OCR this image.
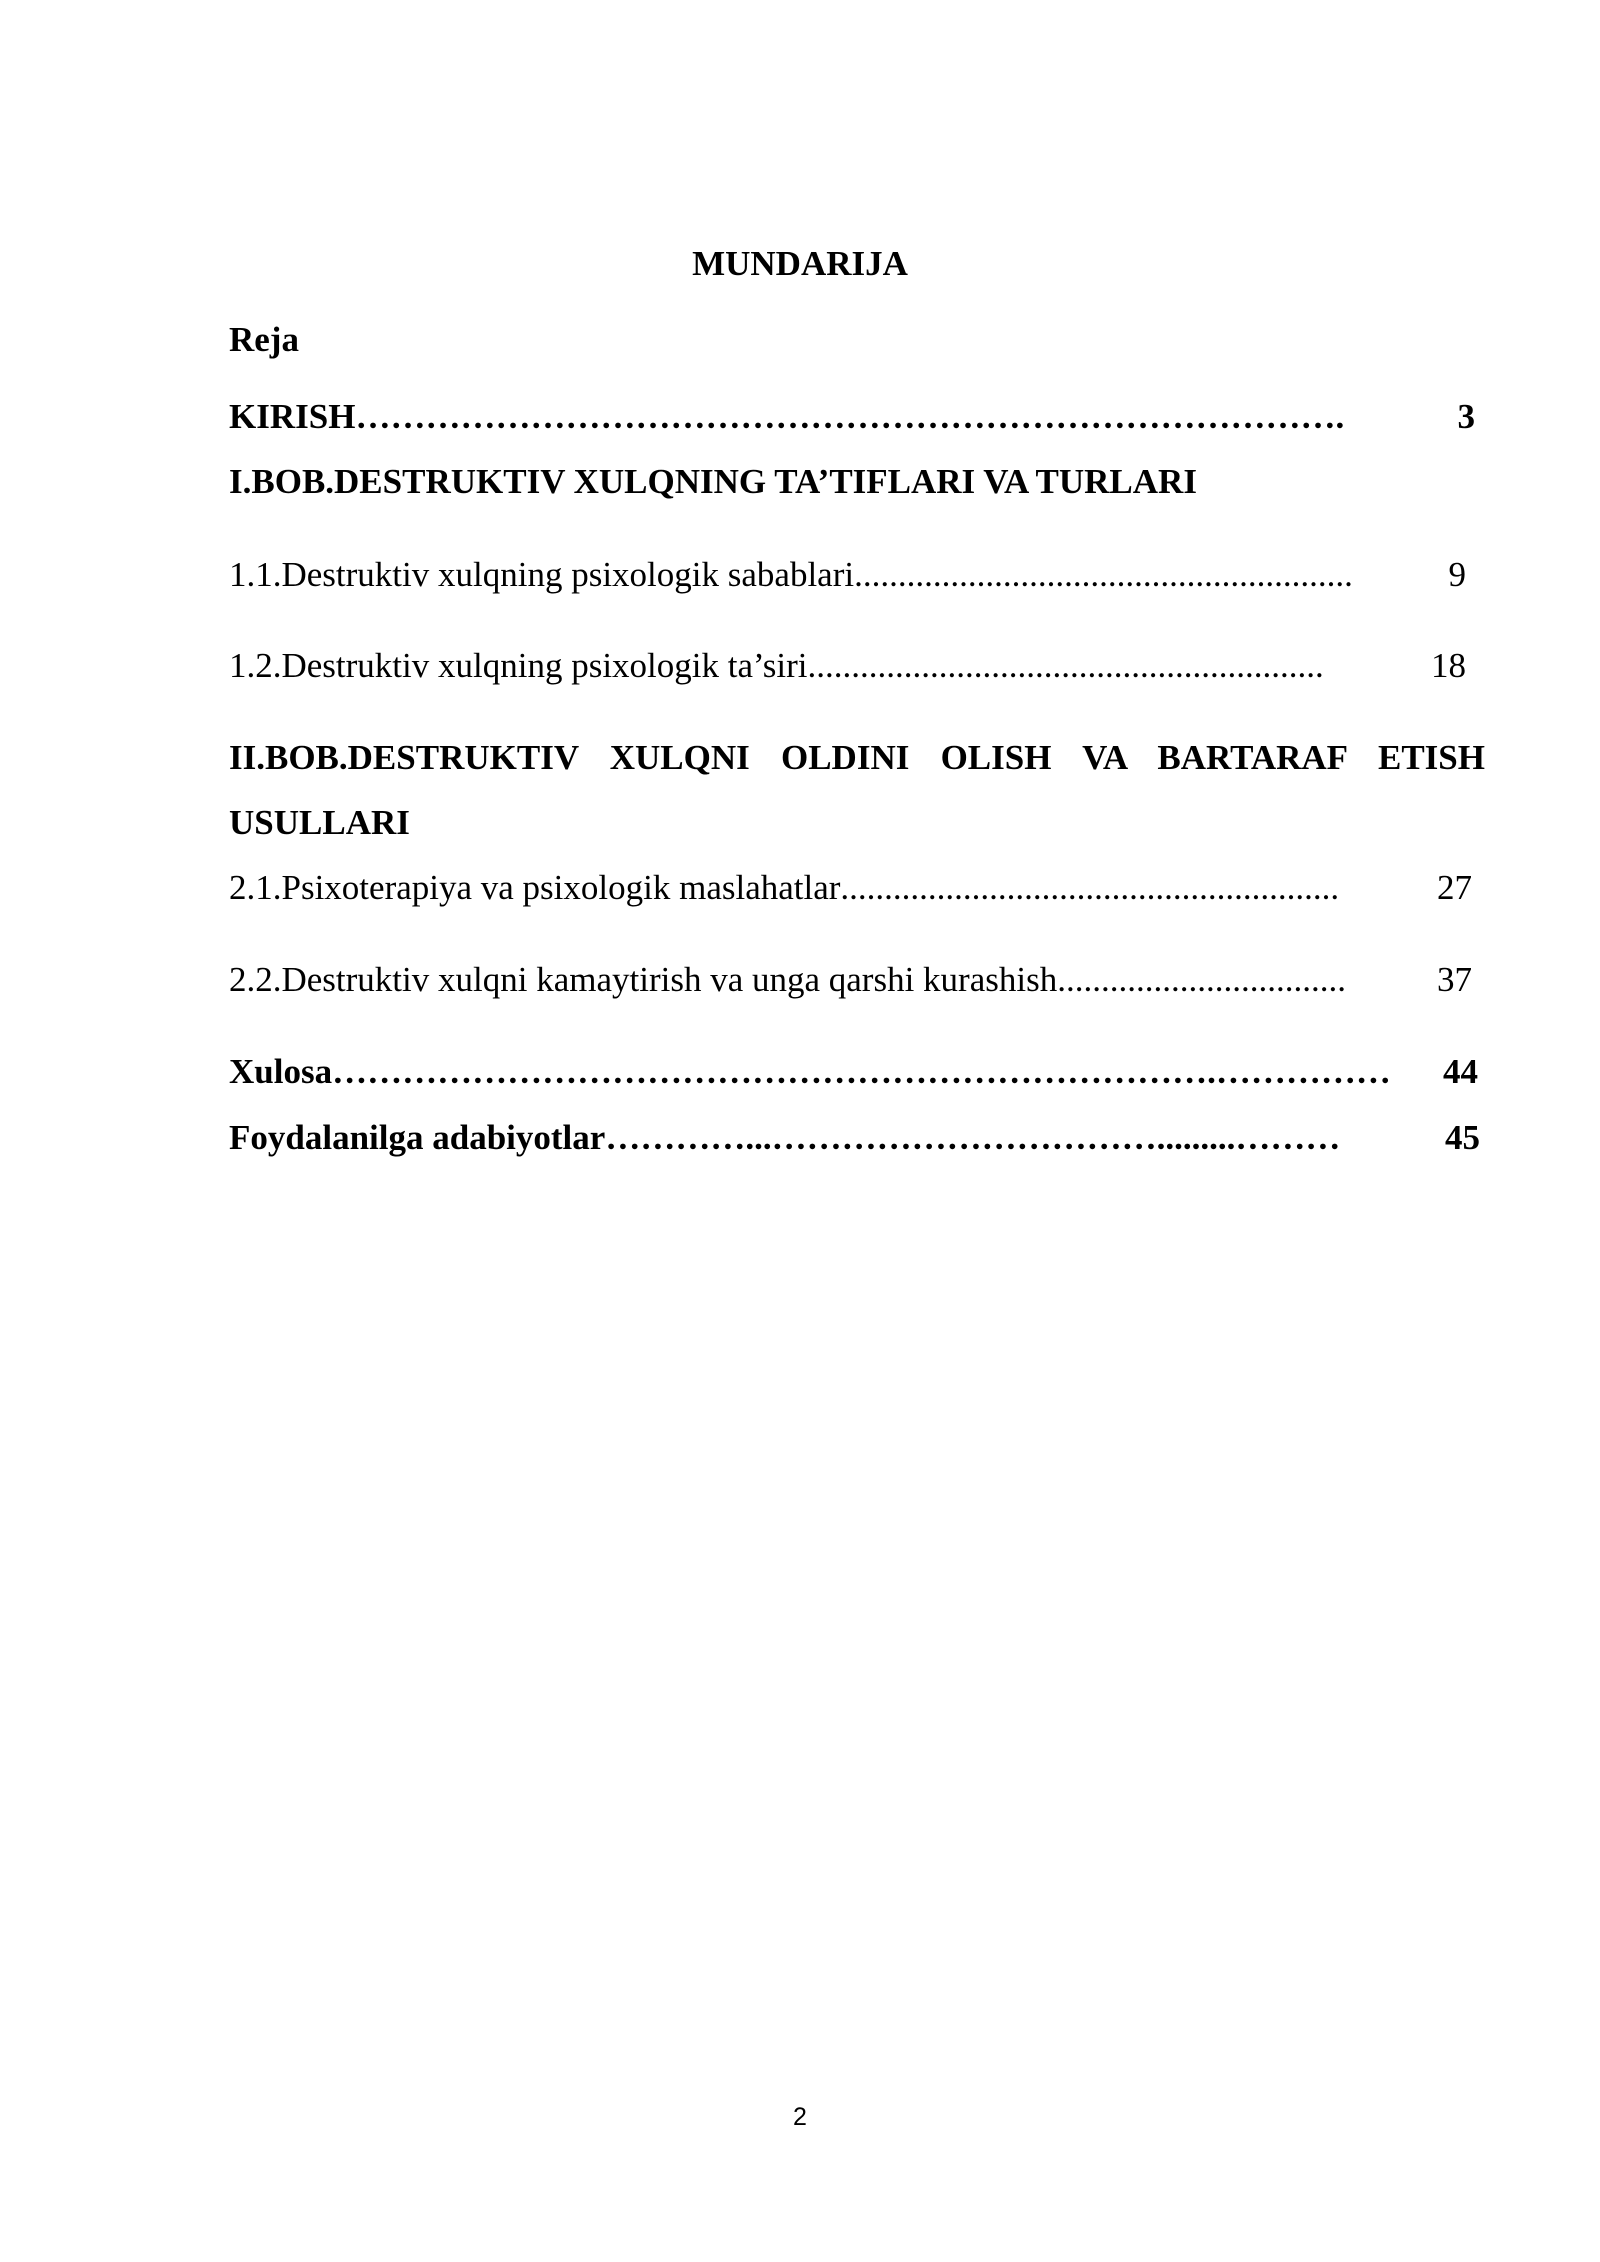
MUNDARIJA
Reja
KIRISH ………………………………………………………………………….	3
I.BOB.DESTRUKTIV XULQNING TA’TIFLARI VA TURLARI
1.1.Destruktiv xulqning psixologik sabablari .........................................................	9
1.2.Destruktiv xulqning psixologik ta’siri ...........................................................	18
II.BOB.DESTRUKTIV XULQNI OLDINI OLISH VA BARTARAF ETISH
USULLARI
2.1.Psixoterapiya va psixologik maslahatlar .........................................................	27
2.2.Destruktiv xulqni kamaytirish va unga qarshi kurashish .................................	37
Xulosa ………………………………………………………………….……………	44
Foydalanilga adabiyotlar …………...…………………………….........………	45
2
